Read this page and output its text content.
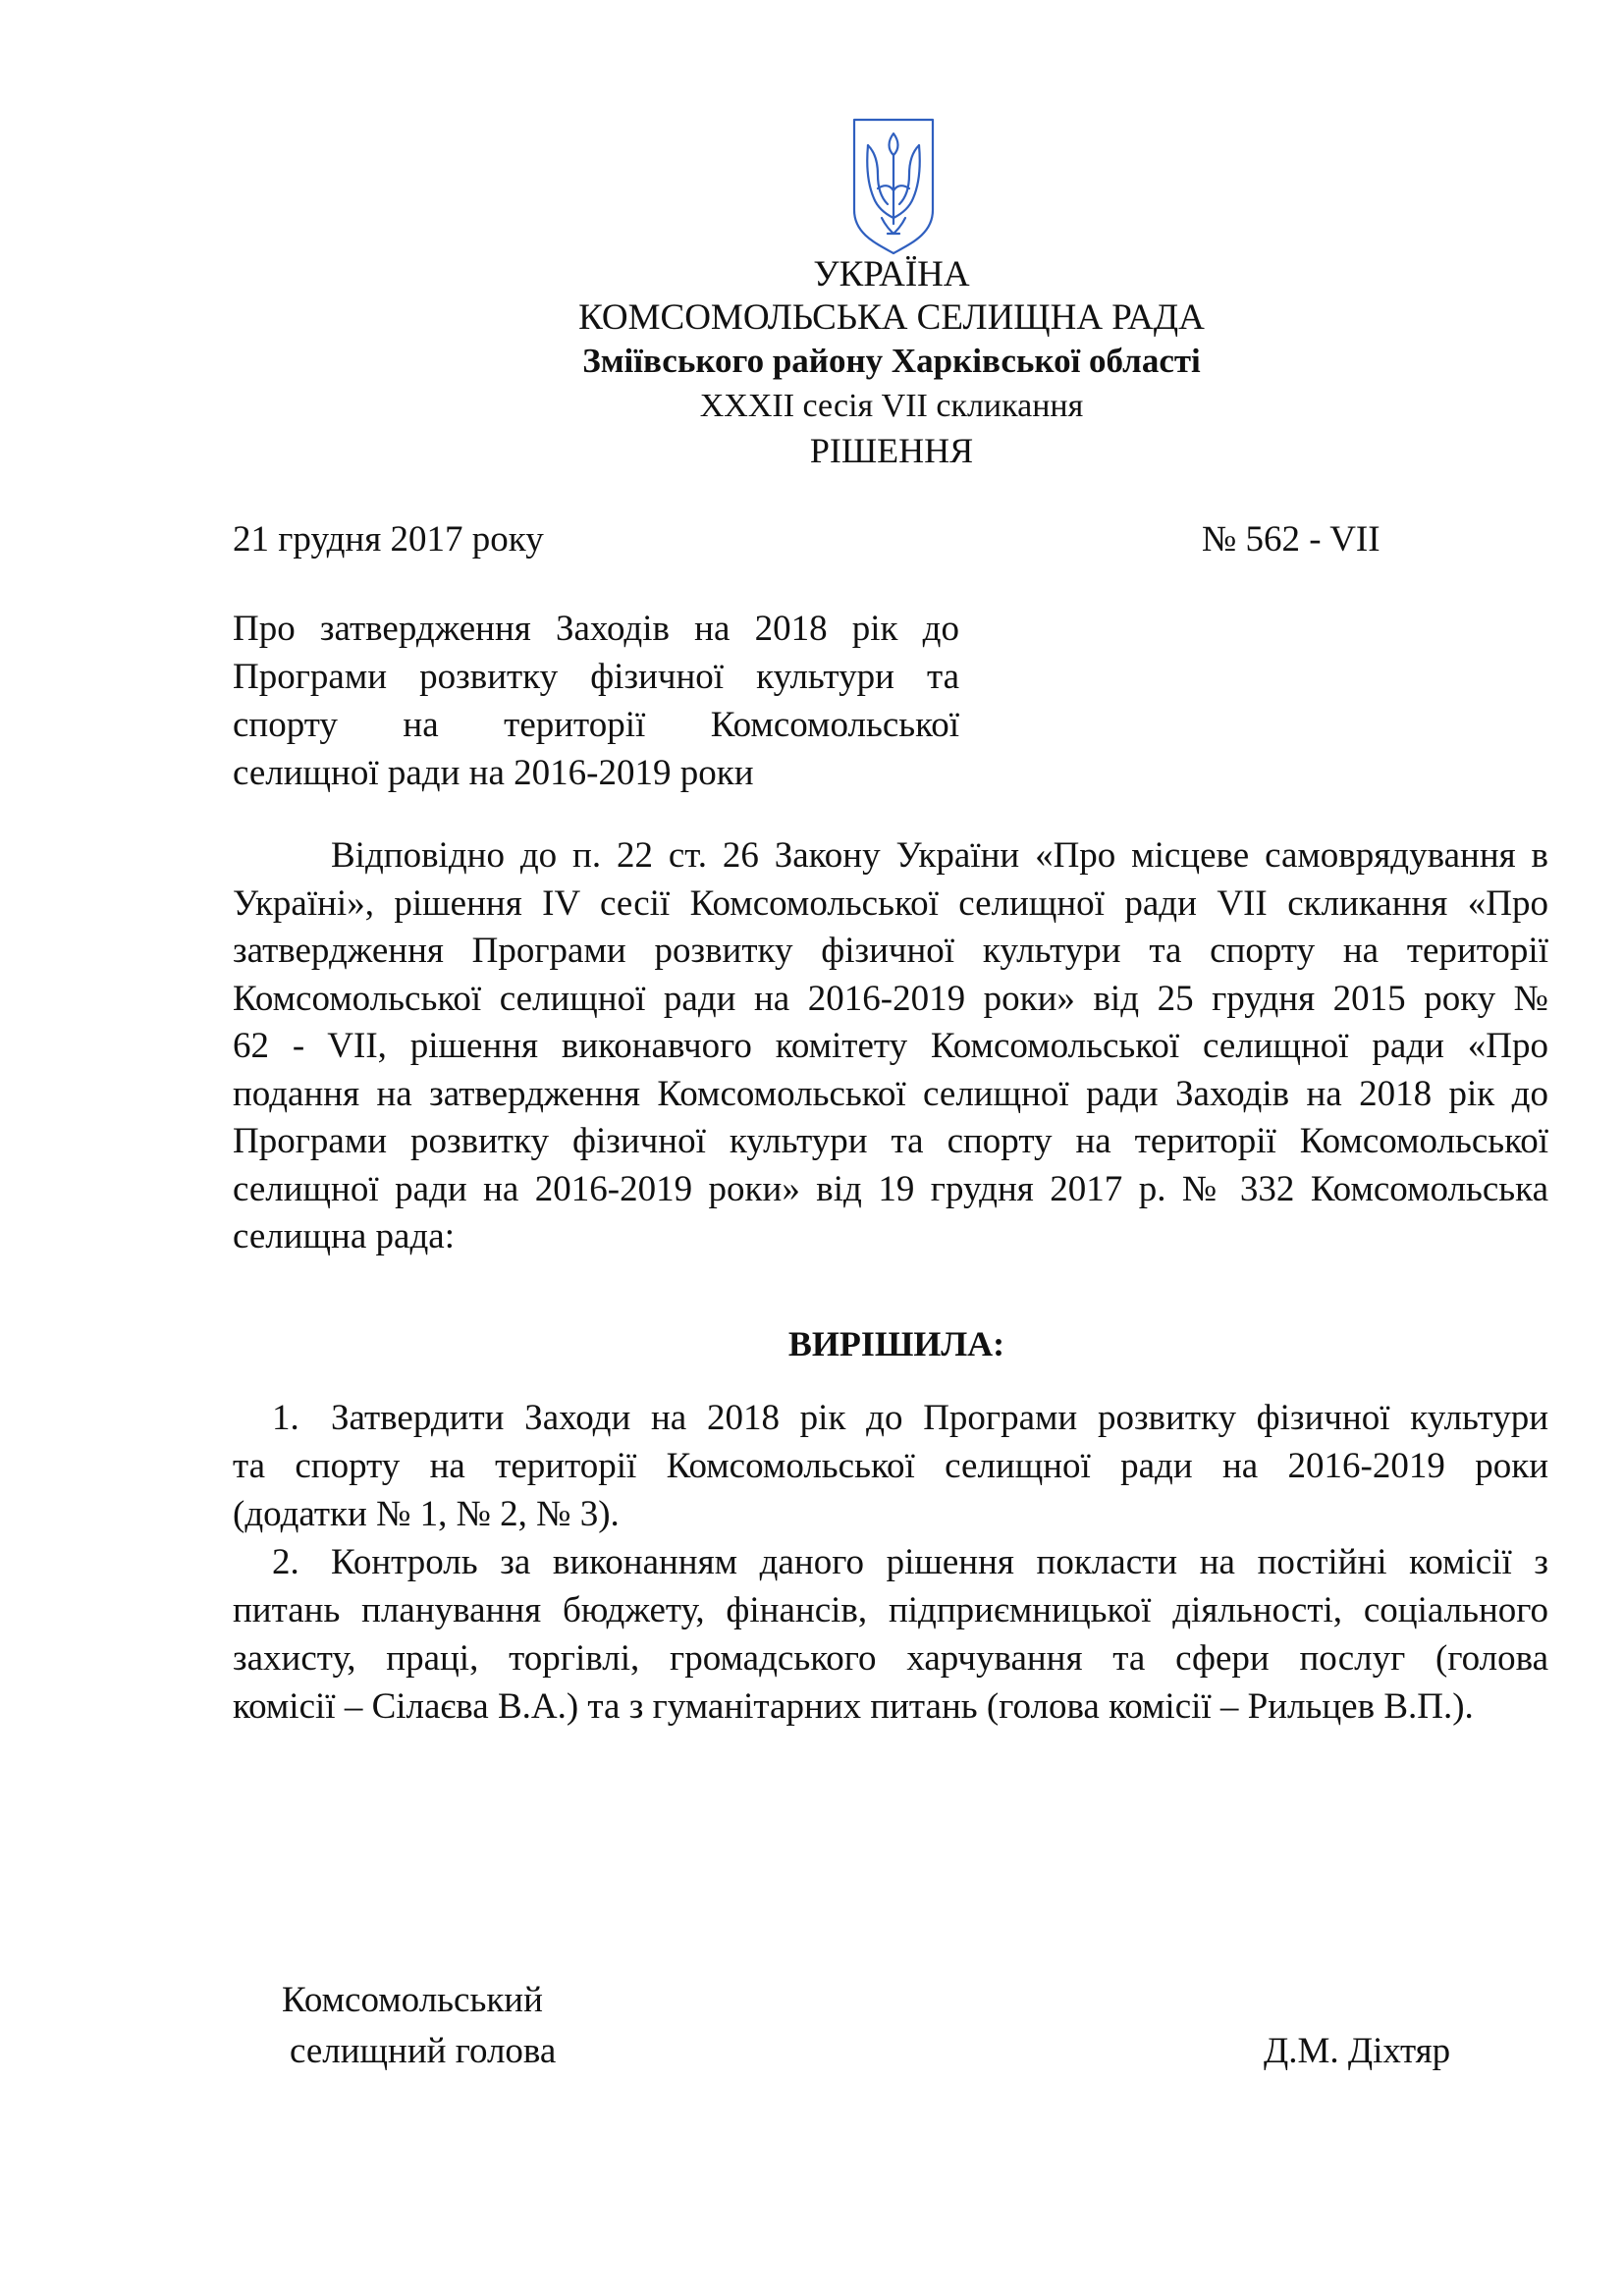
УКРАЇНА

КОМСОМОЛЬСЬКА СЕЛИЩНА РАДА

Зміївського району Харківської області

XXXII сесія VII скликання

РІШЕННЯ

21 грудня 2017 року	№ 562 - VII

Про затвердження Заходів на 2018 рік до
Програми розвитку фізичної культури та
спорту на території Комсомольської
селищної ради на 2016-2019 роки
Відповідно до п. 22 ст. 26 Закону України «Про місцеве самоврядування в
Україні», рішення IV сесії Комсомольської селищної ради VII скликання «Про
затвердження Програми розвитку фізичної культури та спорту на території
Комсомольської селищної ради на 2016-2019 роки» від 25 грудня 2015 року №
62 - VII, рішення виконавчого комітету Комсомольської селищної ради «Про
подання на затвердження Комсомольської селищної ради Заходів на 2018 рік до
Програми розвитку фізичної культури та спорту на території Комсомольської
селищної ради на 2016-2019 роки» від 19 грудня 2017 р. № 332 Комсомольська
селищна рада:

ВИРІШИЛА:

1. Затвердити Заходи на 2018 рік до Програми розвитку фізичної культури
та спорту на території Комсомольської селищної ради на 2016-2019 роки
(додатки № 1, № 2, № 3).
2. Контроль за виконанням даного рішення покласти на постійні комісії з
питань планування бюджету, фінансів, підприємницької діяльності, соціального
захисту, праці, торгівлі, громадського харчування та сфери послуг (голова
комісії – Сілаєва В.А.) та з гуманітарних питань (голова комісії – Рильцев В.П.).

Комсомольський

селищний голова	Д.М. Діхтяр
